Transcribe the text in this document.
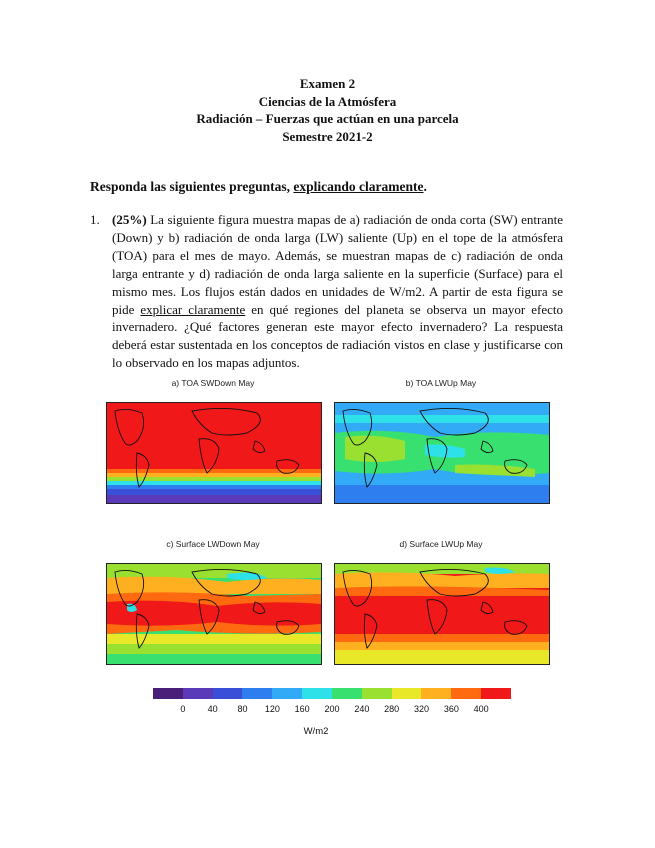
Examen 2
Ciencias de la Atmósfera
Radiación – Fuerzas que actúan en una parcela
Semestre 2021-2
Responda las siguientes preguntas, explicando claramente.
1. (25%) La siguiente figura muestra mapas de a) radiación de onda corta (SW) entrante (Down) y b) radiación de onda larga (LW) saliente (Up) en el tope de la atmósfera (TOA) para el mes de mayo. Además, se muestran mapas de c) radiación de onda larga entrante y d) radiación de onda larga saliente en la superficie (Surface) para el mismo mes. Los flujos están dados en unidades de W/m2. A partir de esta figura se pide explicar claramente en qué regiones del planeta se observa un mayor efecto invernadero. ¿Qué factores generan este mayor efecto invernadero? La respuesta deberá estar sustentada en los conceptos de radiación vistos en clase y justificarse con lo observado en los mapas adjuntos.
a) TOA SWDown May	b) TOA LWUp May
c) Surface LWDown May	d) Surface LWUp May
0 40 80 120 160 200 240 280 320 360 400
W/m2
